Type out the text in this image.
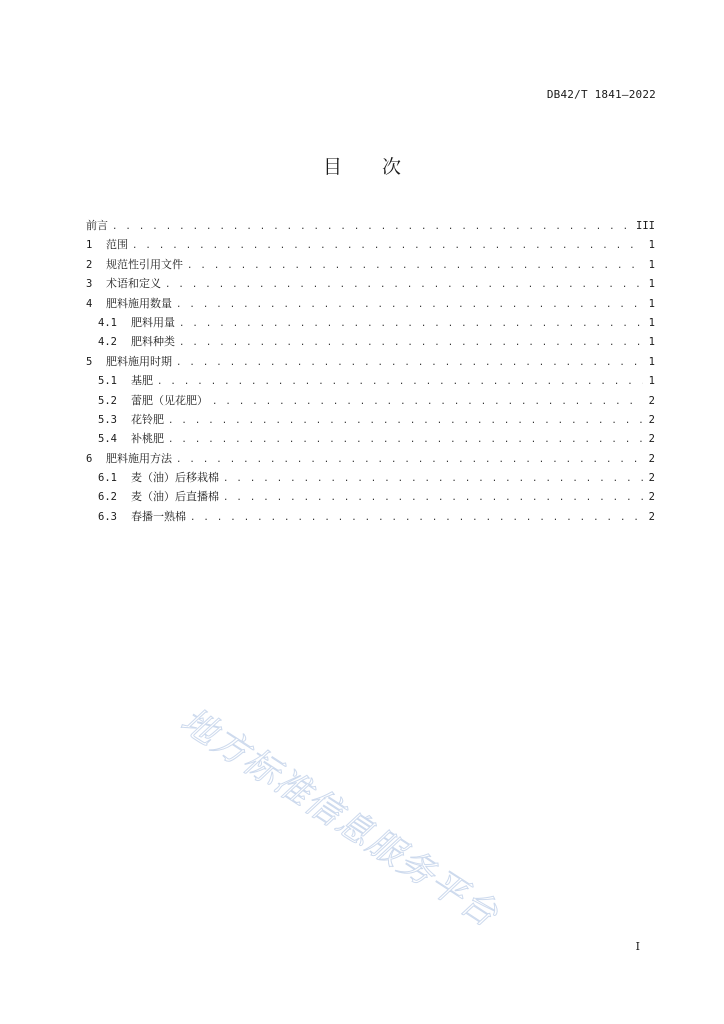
DB42/T 1841—2022
目 次
前言 . . .	III
1	范围 . . .	1
2	规范性引用文件 . . .	1
3	术语和定义 . . .	1
4	肥料施用数量 . . .	1
4.1	肥料用量 . . .	1
4.2	肥料种类 . . .	1
5	肥料施用时期 . . .	1
5.1	基肥 . . .	1
5.2	蕾肥（见花肥） . . .	2
5.3	花铃肥 . . .	2
5.4	补桃肥 . . .	2
6	肥料施用方法 . . .	2
6.1	麦（油）后移栽棉 . . .	2
6.2	麦（油）后直播棉 . . .	2
6.3	春播一熟棉 . . .	2
地方标准信息服务平台
I
